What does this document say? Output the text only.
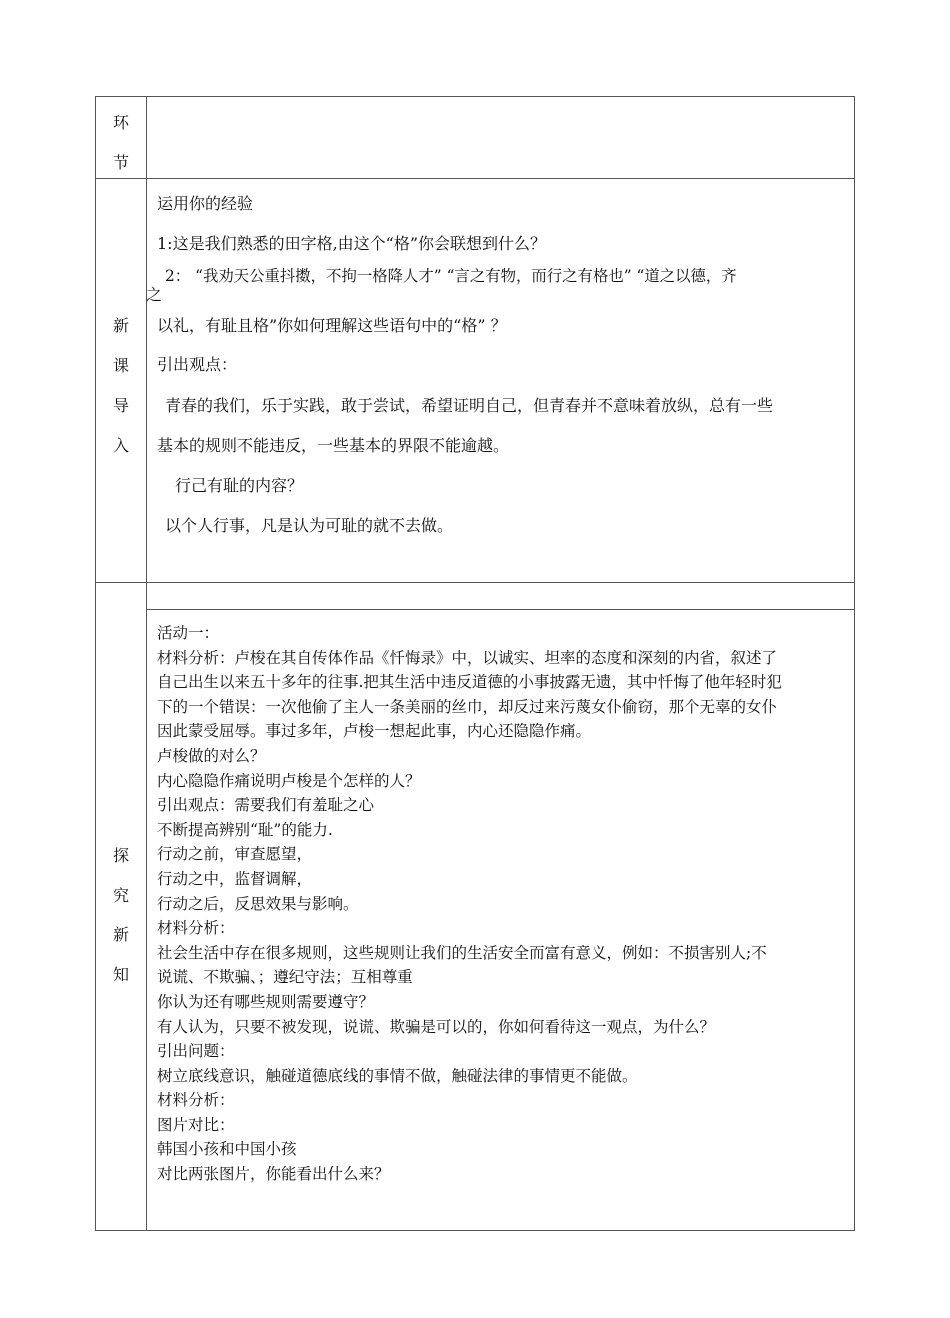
环
节
新
课
导
入
运用你的经验
1:这是我们熟悉的田字格,由这个“格”你会联想到什么？
2： “我劝天公重抖擞，不拘一格降人才” “言之有物，而行之有格也” “道之以德，齐
之
以礼，有耻且格”你如何理解这些语句中的“格” ？
引出观点：
青春的我们，乐于实践，敢于尝试，希望证明自己，但青春并不意味着放纵，总有一些
基本的规则不能违反，一些基本的界限不能逾越。
行己有耻的内容？
以个人行事，凡是认为可耻的就不去做。
探
究
新
知
活动一：
材料分析：卢梭在其自传体作品《忏悔录》中，以诚实、坦率的态度和深刻的内省，叙述了
自己出生以来五十多年的往事.把其生活中违反道德的小事披露无遗，其中忏悔了他年轻时犯
下的一个错误：一次他偷了主人一条美丽的丝巾，却反过来污蔑女仆偷窃，那个无辜的女仆
因此蒙受屈辱。事过多年，卢梭一想起此事，内心还隐隐作痛。
卢梭做的对么？
内心隐隐作痛说明卢梭是个怎样的人？
引出观点：需要我们有羞耻之心
不断提高辨别“耻”的能力.
行动之前，审查愿望，
行动之中，监督调解，
行动之后，反思效果与影响。
材料分析：
社会生活中存在很多规则，这些规则让我们的生活安全而富有意义，例如：不损害别人;不
说谎、不欺骗、；遵纪守法；互相尊重
你认为还有哪些规则需要遵守？
有人认为，只要不被发现，说谎、欺骗是可以的，你如何看待这一观点，为什么？
引出问题：
树立底线意识，触碰道德底线的事情不做，触碰法律的事情更不能做。
材料分析：
图片对比：
韩国小孩和中国小孩
对比两张图片，你能看出什么来？
